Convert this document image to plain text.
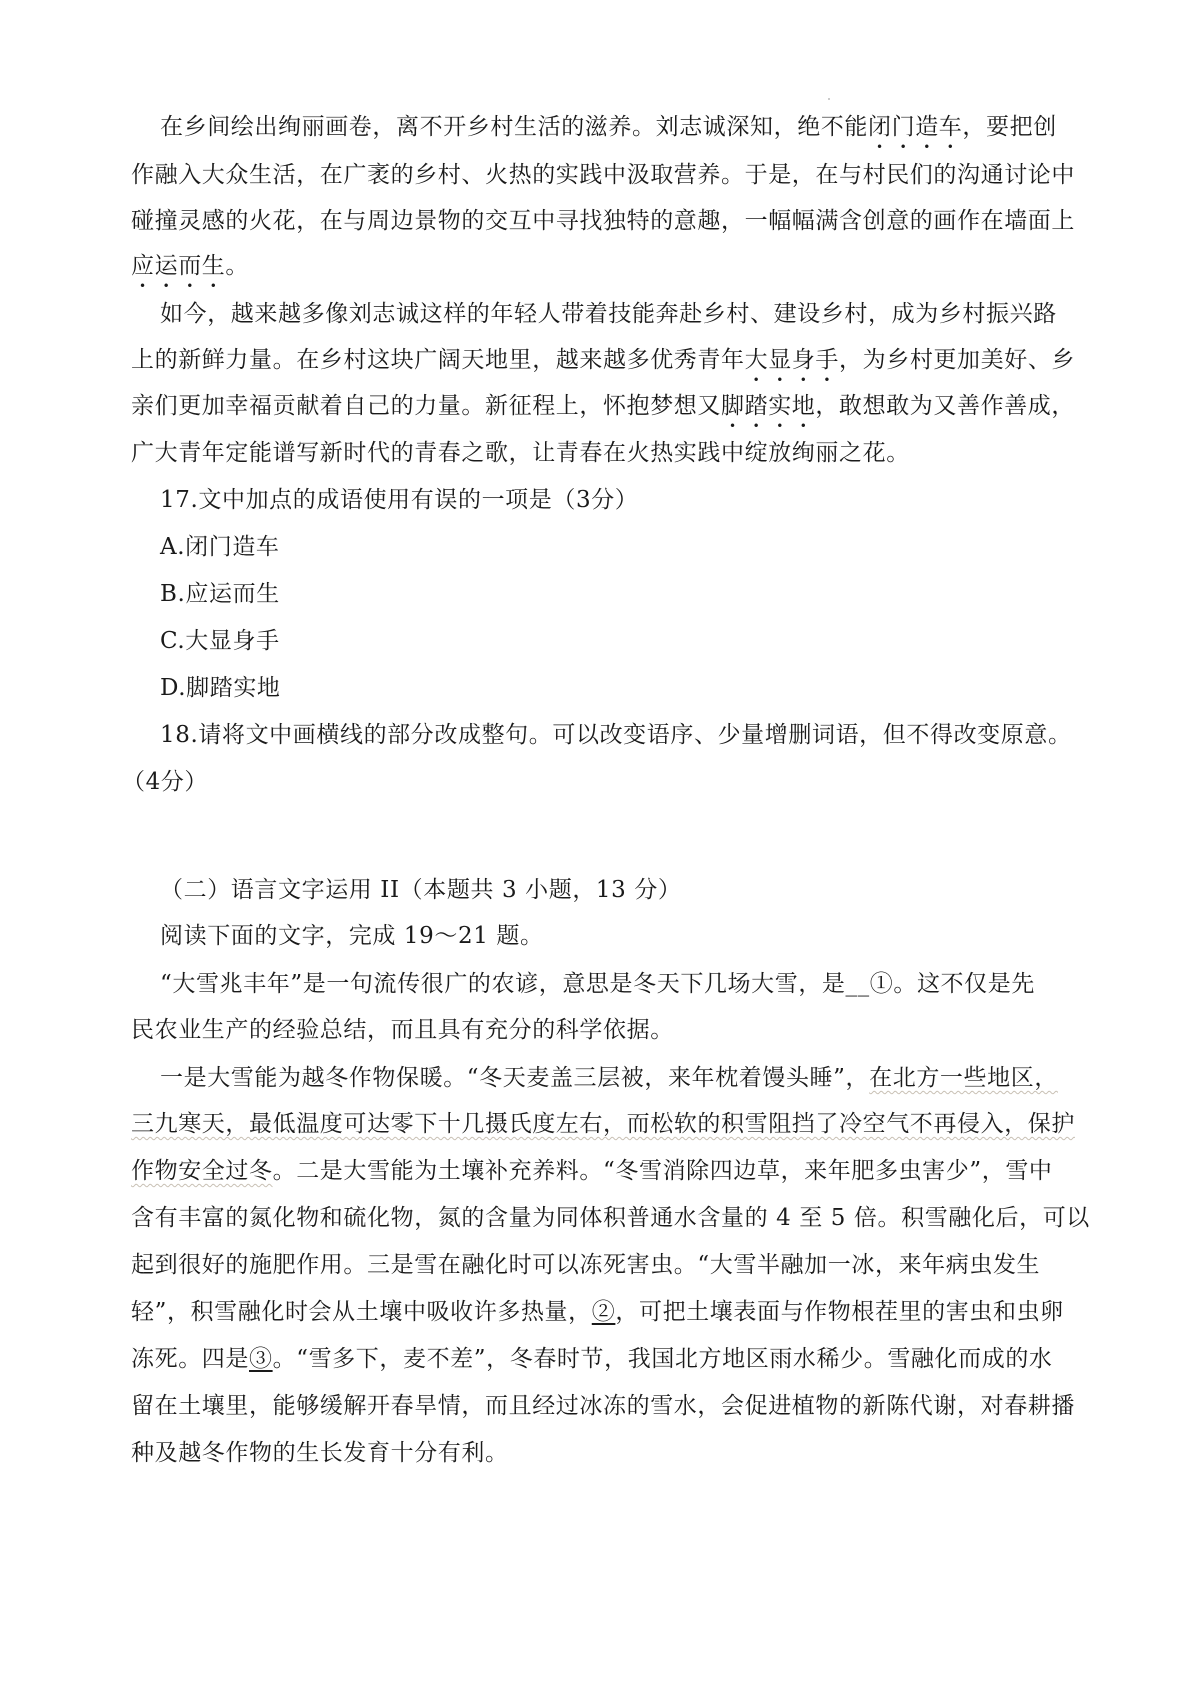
在乡间绘出绚丽画卷，离不开乡村生活的滋养。刘志诚深知，绝不能闭门造车，要把创
作融入大众生活，在广袤的乡村、火热的实践中汲取营养。于是，在与村民们的沟通讨论中
碰撞灵感的火花，在与周边景物的交互中寻找独特的意趣，一幅幅满含创意的画作在墙面上
应运而生。
如今，越来越多像刘志诚这样的年轻人带着技能奔赴乡村、建设乡村，成为乡村振兴路
上的新鲜力量。在乡村这块广阔天地里，越来越多优秀青年大显身手，为乡村更加美好、乡
亲们更加幸福贡献着自己的力量。新征程上，怀抱梦想又脚踏实地，敢想敢为又善作善成，
广大青年定能谱写新时代的青春之歌，让青春在火热实践中绽放绚丽之花。
17.文中加点的成语使用有误的一项是（3分）
A.闭门造车
B.应运而生
C.大显身手
D.脚踏实地
18.请将文中画横线的部分改成整句。可以改变语序、少量增删词语，但不得改变原意。
（4分）
（二）语言文字运用 II（本题共 3 小题，13 分）
阅读下面的文字，完成 19～21 题。
“大雪兆丰年”是一句流传很广的农谚，意思是冬天下几场大雪，是__①。这不仅是先
民农业生产的经验总结，而且具有充分的科学依据。
一是大雪能为越冬作物保暖。“冬天麦盖三层被，来年枕着馒头睡”，在北方一些地区，
三九寒天，最低温度可达零下十几摄氏度左右，而松软的积雪阻挡了冷空气不再侵入，保护
作物安全过冬。二是大雪能为土壤补充养料。“冬雪消除四边草，来年肥多虫害少”，雪中
含有丰富的氮化物和硫化物，氮的含量为同体积普通水含量的 4 至 5 倍。积雪融化后，可以
起到很好的施肥作用。三是雪在融化时可以冻死害虫。“大雪半融加一冰，来年病虫发生
轻”，积雪融化时会从土壤中吸收许多热量，②，可把土壤表面与作物根茬里的害虫和虫卵
冻死。四是③。“雪多下，麦不差”，冬春时节，我国北方地区雨水稀少。雪融化而成的水
留在土壤里，能够缓解开春旱情，而且经过冰冻的雪水，会促进植物的新陈代谢，对春耕播
种及越冬作物的生长发育十分有利。
